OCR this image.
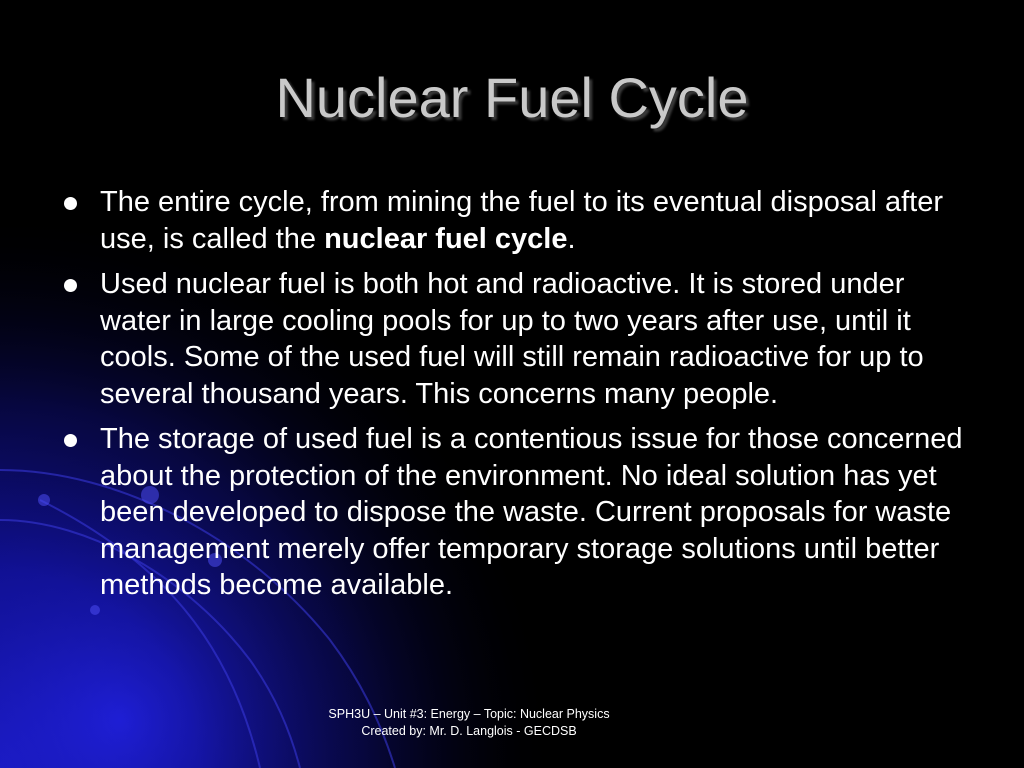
Nuclear Fuel Cycle
The entire cycle, from mining the fuel to its eventual disposal after use, is called the nuclear fuel cycle.
Used nuclear fuel is both hot and radioactive. It is stored under water in large cooling pools for up to two years after use, until it cools. Some of the used fuel will still remain radioactive for up to several thousand years. This concerns many people.
The storage of used fuel is a contentious issue for those concerned about the protection of the environment. No ideal solution has yet been developed to dispose the waste. Current proposals for waste management merely offer temporary storage solutions until better methods become available.
SPH3U – Unit #3: Energy – Topic: Nuclear Physics
Created by: Mr. D. Langlois - GECDSB
